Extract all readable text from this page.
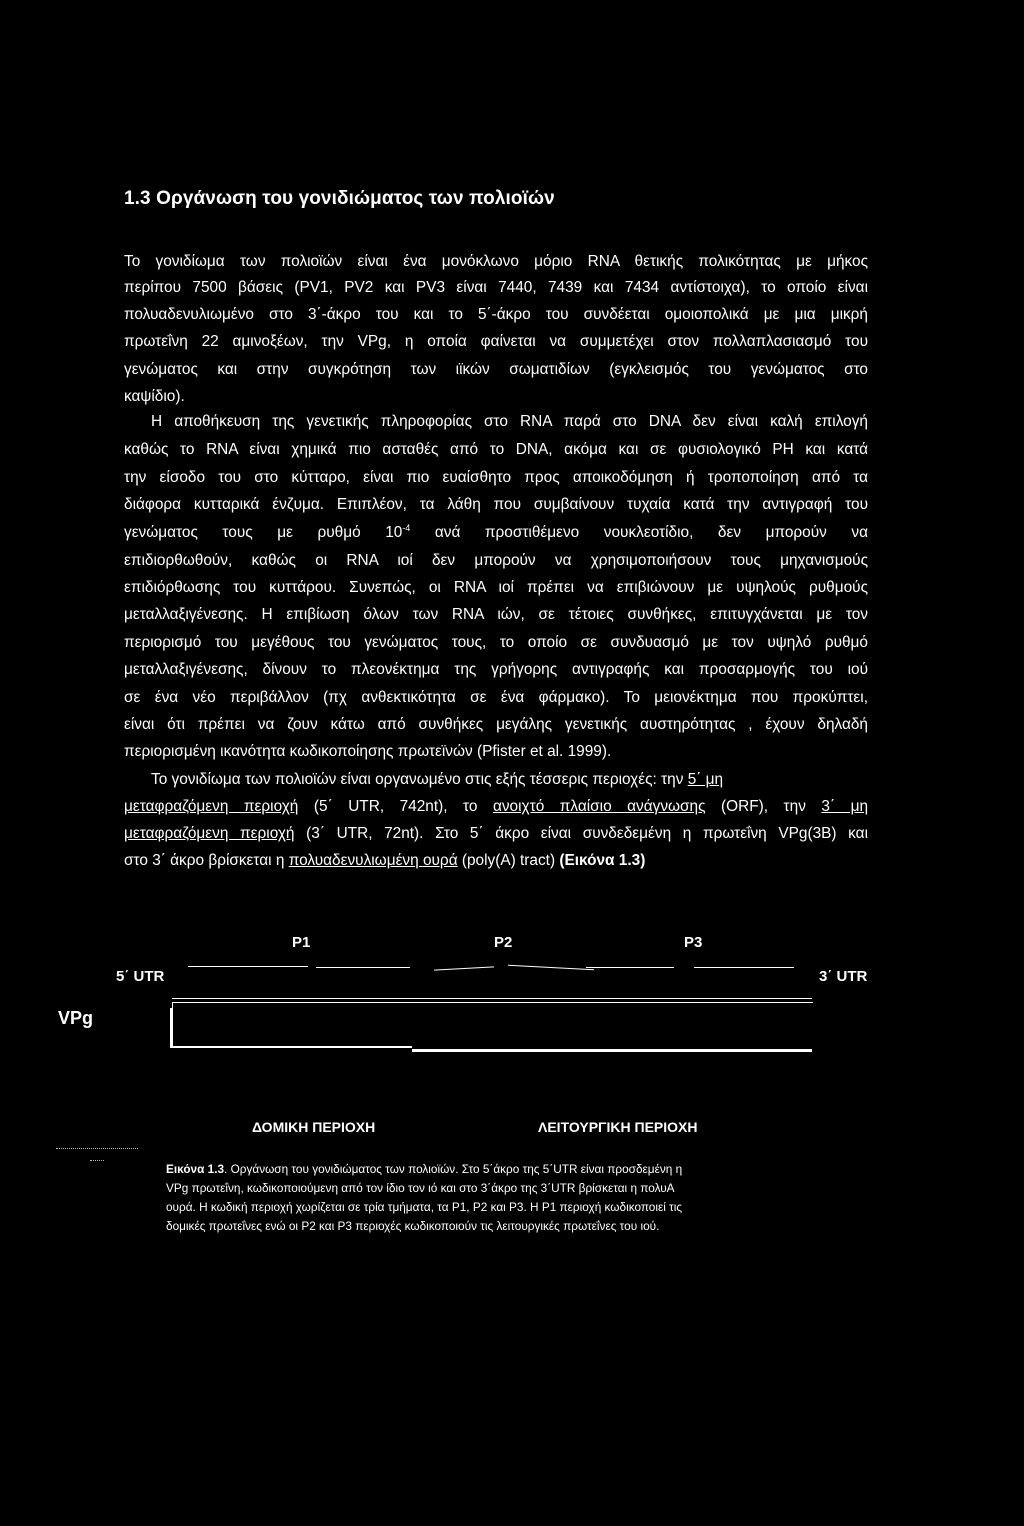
1.3 Οργάνωση του γονιδιώματος των πολιοϊών
Το γονιδίωμα των πολιοϊών είναι ένα μονόκλωνο μόριο RNA θετικής πολικότητας με μήκος
περίπου 7500 βάσεις (PV1, PV2 και PV3 είναι 7440, 7439 και 7434 αντίστοιχα), το οποίο είναι
πολυαδενυλιωμένο στο 3΄-άκρο του και το 5΄-άκρο του συνδέεται ομοιοπολικά με μια μικρή
πρωτεΐνη 22 αμινοξέων, την VPg, η οποία φαίνεται να συμμετέχει στον πολλαπλασιασμό του
γενώματος και στην συγκρότηση των ιϊκών σωματιδίων (εγκλεισμός του γενώματος στο
καψίδιο).
Η αποθήκευση της γενετικής πληροφορίας στο RNA παρά στο DNA δεν είναι καλή επιλογή
καθώς το RNA είναι χημικά πιο ασταθές από το DNA, ακόμα και σε φυσιολογικό PH και κατά
την είσοδο του στο κύτταρο, είναι πιο ευαίσθητο προς αποικοδόμηση ή τροποποίηση από τα
διάφορα κυτταρικά ένζυμα. Επιπλέον, τα λάθη που συμβαίνουν τυχαία κατά την αντιγραφή του
γενώματος τους με ρυθμό $10^{-4}$ ανά προστιθέμενο νουκλεοτίδιο, δεν μπορούν να
επιδιορθωθούν, καθώς οι RNA ιοί δεν μπορούν να χρησιμοποιήσουν τους μηχανισμούς
επιδιόρθωσης του κυττάρου. Συνεπώς, οι RNA ιοί πρέπει να επιβιώνουν με υψηλούς ρυθμούς
μεταλλαξιγένεσης. Η επιβίωση όλων των RNA ιών, σε τέτοιες συνθήκες, επιτυγχάνεται με τον
περιορισμό του μεγέθους του γενώματος τους, το οποίο σε συνδυασμό με τον υψηλό ρυθμό
μεταλλαξιγένεσης, δίνουν το πλεονέκτημα της γρήγορης αντιγραφής και προσαρμογής του ιού
σε ένα νέο περιβάλλον (πχ ανθεκτικότητα σε ένα φάρμακο). Το μειονέκτημα που προκύπτει,
είναι ότι πρέπει να ζουν κάτω από συνθήκες μεγάλης γενετικής αυστηρότητας , έχουν δηλαδή
περιορισμένη ικανότητα κωδικοποίησης πρωτεϊνών (Pfister et al. 1999).
Το γονιδίωμα των πολιοϊών είναι οργανωμένο στις εξής τέσσερις περιοχές: την 5΄ μη
μεταφραζόμενη περιοχή (5΄ UTR, 742nt), το ανοιχτό πλαίσιο ανάγνωσης (ORF), την 3΄ μη
μεταφραζόμενη περιοχή (3΄ UTR, 72nt). Στο 5΄ άκρο είναι συνδεδεμένη η πρωτεΐνη VPg(3B) και
στο 3΄ άκρο βρίσκεται η πολυαδενυλιωμένη ουρά (poly(A) tract) (Εικόνα 1.3)
P1	P2	P3
5΄ UTR	3΄ UTR
VPg
ΔΟΜΙΚΗ ΠΕΡΙΟΧΗ	ΛΕΙΤΟΥΡΓΙΚΗ ΠΕΡΙΟΧΗ
Εικόνα 1.3. Οργάνωση του γονιδιώματος των πολιοϊών. Στο 5΄άκρο της 5΄UTR είναι προσδεμένη η
VPg πρωτεΐνη, κωδικοποιούμενη από τον ίδιο τον ιό και στο 3΄άκρο της 3΄UTR βρίσκεται η πολυΑ
ουρά. Η κωδική περιοχή χωρίζεται σε τρία τμήματα, τα P1, P2 και P3. Η P1 περιοχή κωδικοποιεί τις
δομικές πρωτεΐνες ενώ οι P2 και P3 περιοχές κωδικοποιούν τις λειτουργικές πρωτεΐνες του ιού.
